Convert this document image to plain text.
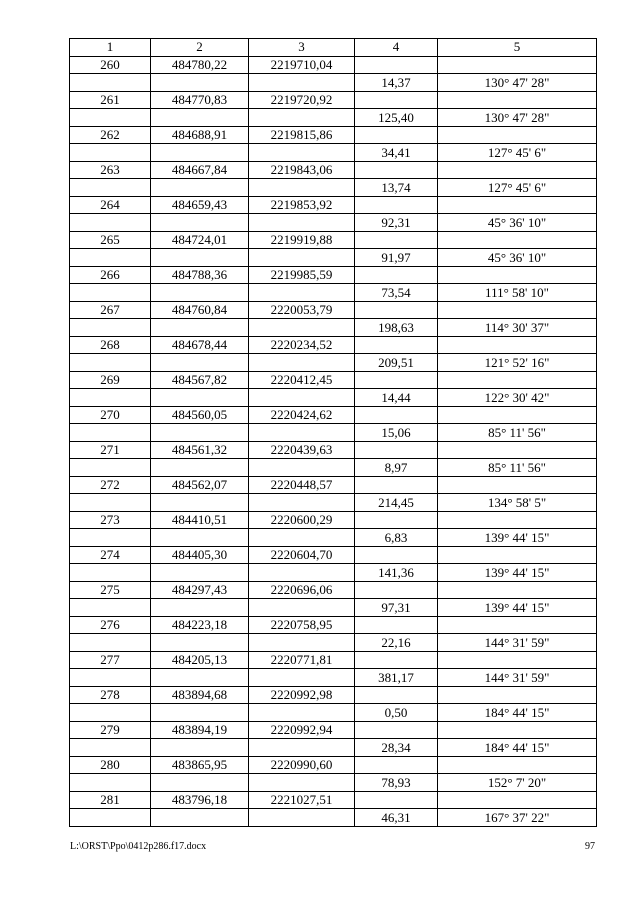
1	2	3	4	5
260	484780,22	2219710,04		
			14,37	130° 47' 28"
261	484770,83	2219720,92		
			125,40	130° 47' 28"
262	484688,91	2219815,86		
			34,41	127° 45' 6"
263	484667,84	2219843,06		
			13,74	127° 45' 6"
264	484659,43	2219853,92		
			92,31	45° 36' 10"
265	484724,01	2219919,88		
			91,97	45° 36' 10"
266	484788,36	2219985,59		
			73,54	111° 58' 10"
267	484760,84	2220053,79		
			198,63	114° 30' 37"
268	484678,44	2220234,52		
			209,51	121° 52' 16"
269	484567,82	2220412,45		
			14,44	122° 30' 42"
270	484560,05	2220424,62		
			15,06	85° 11' 56"
271	484561,32	2220439,63		
			8,97	85° 11' 56"
272	484562,07	2220448,57		
			214,45	134° 58' 5"
273	484410,51	2220600,29		
			6,83	139° 44' 15"
274	484405,30	2220604,70		
			141,36	139° 44' 15"
275	484297,43	2220696,06		
			97,31	139° 44' 15"
276	484223,18	2220758,95		
			22,16	144° 31' 59"
277	484205,13	2220771,81		
			381,17	144° 31' 59"
278	483894,68	2220992,98		
			0,50	184° 44' 15"
279	483894,19	2220992,94		
			28,34	184° 44' 15"
280	483865,95	2220990,60		
			78,93	152° 7' 20"
281	483796,18	2221027,51		
			46,31	167° 37' 22"
L:\ORST\Ppo\0412p286.f17.docx	97
